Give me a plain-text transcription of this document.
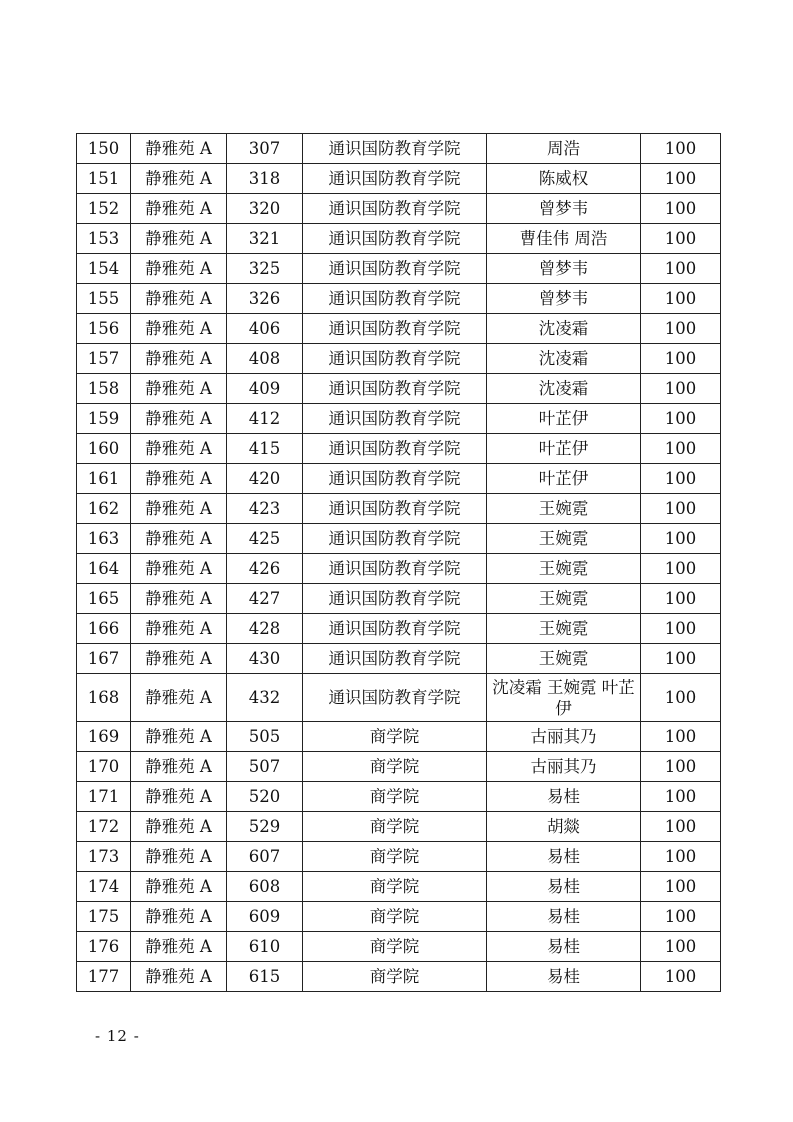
150	静雅苑 A	307	通识国防教育学院	周浩	100
151	静雅苑 A	318	通识国防教育学院	陈威权	100
152	静雅苑 A	320	通识国防教育学院	曾梦韦	100
153	静雅苑 A	321	通识国防教育学院	曹佳伟 周浩	100
154	静雅苑 A	325	通识国防教育学院	曾梦韦	100
155	静雅苑 A	326	通识国防教育学院	曾梦韦	100
156	静雅苑 A	406	通识国防教育学院	沈凌霜	100
157	静雅苑 A	408	通识国防教育学院	沈凌霜	100
158	静雅苑 A	409	通识国防教育学院	沈凌霜	100
159	静雅苑 A	412	通识国防教育学院	叶芷伊	100
160	静雅苑 A	415	通识国防教育学院	叶芷伊	100
161	静雅苑 A	420	通识国防教育学院	叶芷伊	100
162	静雅苑 A	423	通识国防教育学院	王婉霓	100
163	静雅苑 A	425	通识国防教育学院	王婉霓	100
164	静雅苑 A	426	通识国防教育学院	王婉霓	100
165	静雅苑 A	427	通识国防教育学院	王婉霓	100
166	静雅苑 A	428	通识国防教育学院	王婉霓	100
167	静雅苑 A	430	通识国防教育学院	王婉霓	100
168	静雅苑 A	432	通识国防教育学院	沈凌霜 王婉霓 叶芷伊	100
169	静雅苑 A	505	商学院	古丽其乃	100
170	静雅苑 A	507	商学院	古丽其乃	100
171	静雅苑 A	520	商学院	易桂	100
172	静雅苑 A	529	商学院	胡燚	100
173	静雅苑 A	607	商学院	易桂	100
174	静雅苑 A	608	商学院	易桂	100
175	静雅苑 A	609	商学院	易桂	100
176	静雅苑 A	610	商学院	易桂	100
177	静雅苑 A	615	商学院	易桂	100
- 12 -
